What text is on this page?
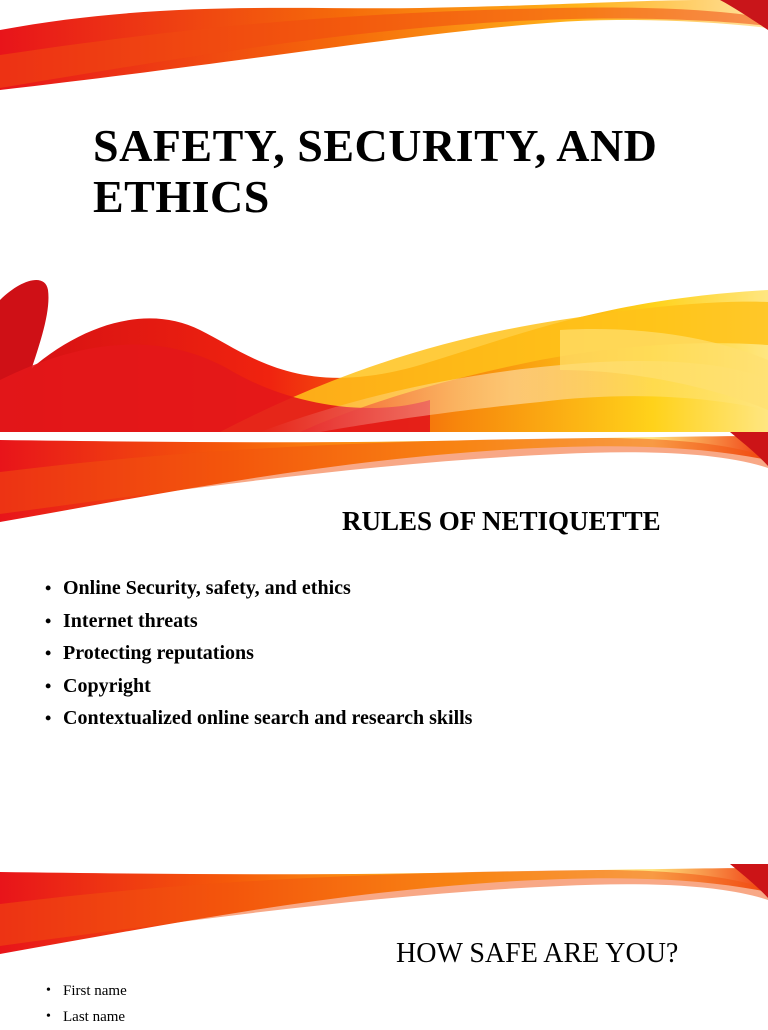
SAFETY, SECURITY, AND ETHICS
RULES OF NETIQUETTE
• Online Security, safety, and ethics
• Internet threats
• Protecting reputations
• Copyright
• Contextualized online search and research skills
HOW SAFE ARE YOU?
• First name
• Last name
